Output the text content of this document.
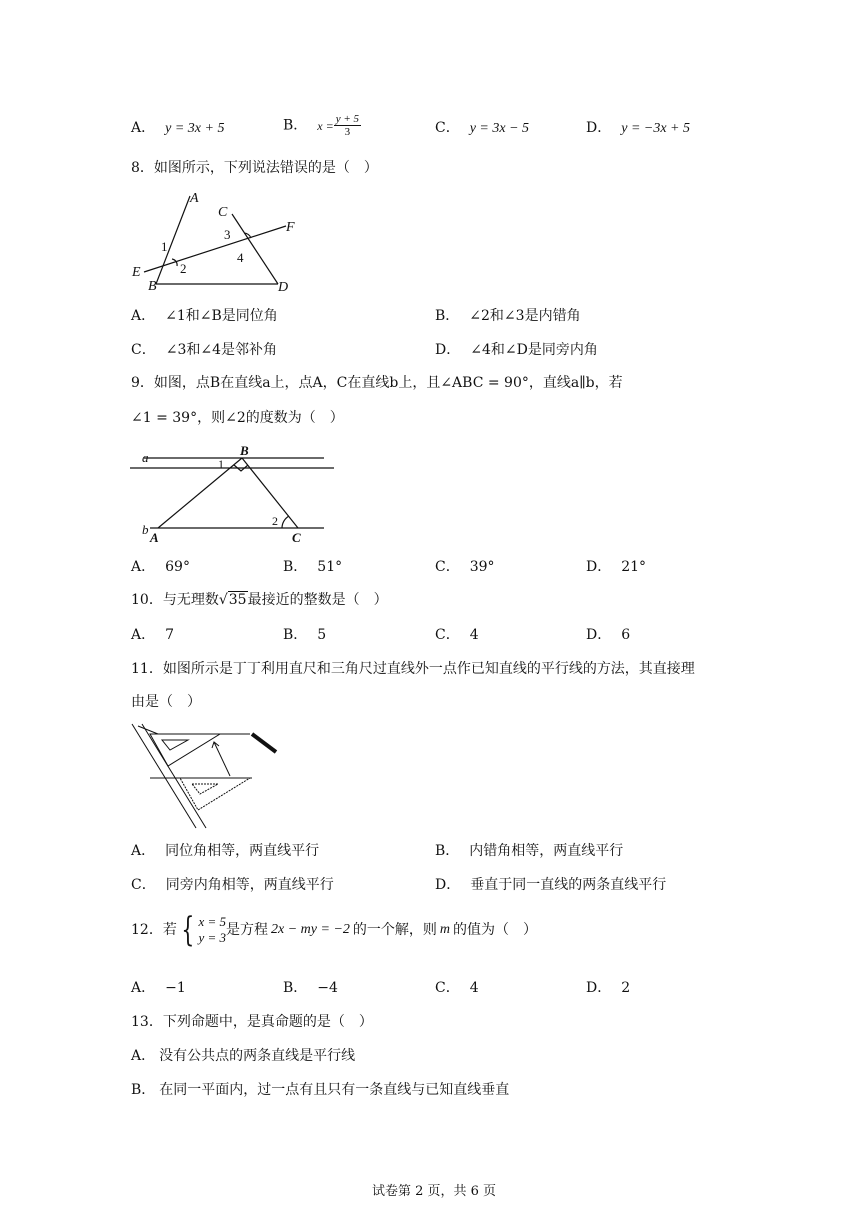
A． y = 3x + 5	B． $x = \frac{y + 5}{3}$	C． y = 3x − 5	D． y = −3x + 5
8．如图所示，下列说法错误的是（　）
A
B
C
D
E
F
1
2
3
4
A． ∠1和∠B是同位角	B． ∠2和∠3是内错角
C． ∠3和∠4是邻补角	D． ∠4和∠D是同旁内角
9．如图，点B在直线a上，点A，C在直线b上，且∠ABC = 90°，直线a∥b，若
∠1 = 39°，则∠2的度数为（　）
a
b
B
A	C
1
2
A． 69°	B． 51°	C． 39°	D． 21°
10．与无理数√35最接近的整数是（　）
A． 7	B． 5	C． 4	D． 6
11．如图所示是丁丁利用直尺和三角尺过直线外一点作已知直线的平行线的方法，其直接理
由是（　）
A． 同位角相等，两直线平行	B． 内错角相等，两直线平行
C． 同旁内角相等，两直线平行	D． 垂直于同一直线的两条直线平行
12．若 { x = 5
y = 3 是方程 2x − my = −2 的一个解，则 m 的值为（　）
A． −1	B． −4	C． 4	D． 2
13．下列命题中，是真命题的是（　）
A． 没有公共点的两条直线是平行线
B． 在同一平面内，过一点有且只有一条直线与已知直线垂直
试卷第 2 页，共 6 页
